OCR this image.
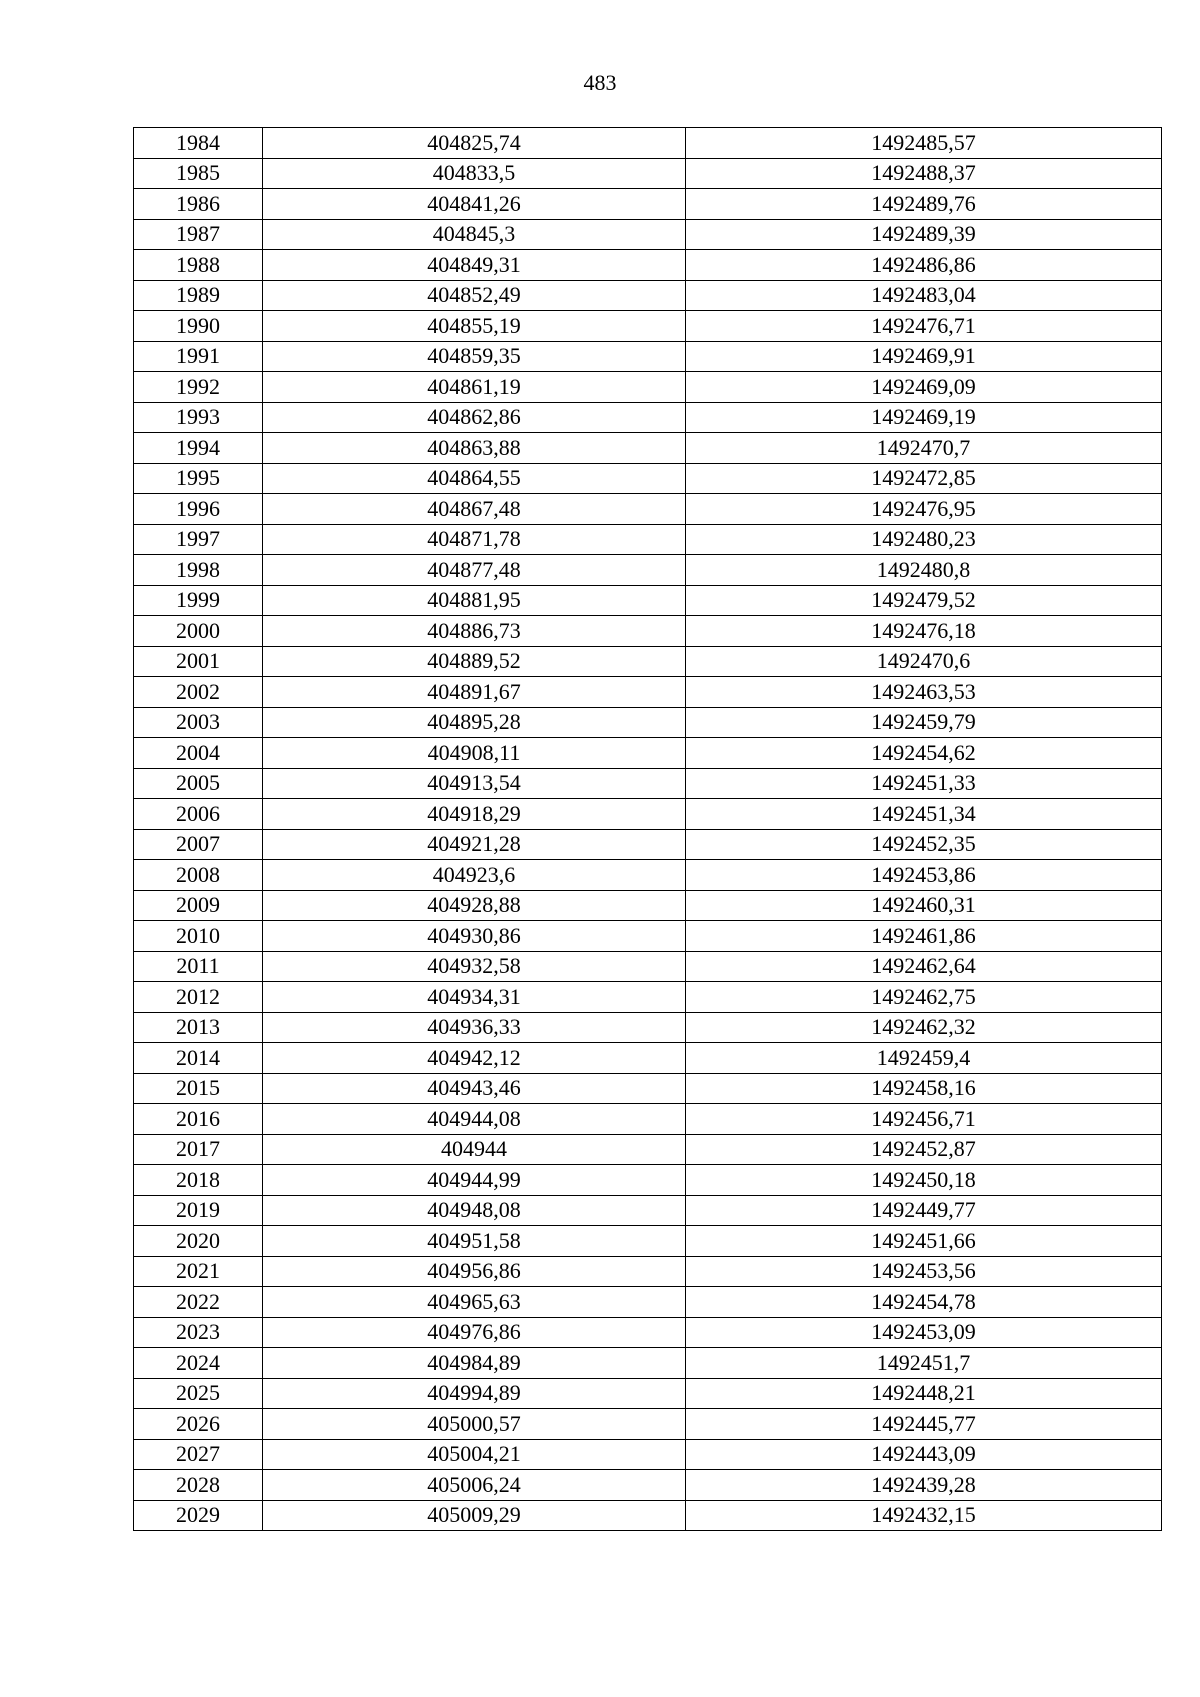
483
1984	404825,74	1492485,57
1985	404833,5	1492488,37
1986	404841,26	1492489,76
1987	404845,3	1492489,39
1988	404849,31	1492486,86
1989	404852,49	1492483,04
1990	404855,19	1492476,71
1991	404859,35	1492469,91
1992	404861,19	1492469,09
1993	404862,86	1492469,19
1994	404863,88	1492470,7
1995	404864,55	1492472,85
1996	404867,48	1492476,95
1997	404871,78	1492480,23
1998	404877,48	1492480,8
1999	404881,95	1492479,52
2000	404886,73	1492476,18
2001	404889,52	1492470,6
2002	404891,67	1492463,53
2003	404895,28	1492459,79
2004	404908,11	1492454,62
2005	404913,54	1492451,33
2006	404918,29	1492451,34
2007	404921,28	1492452,35
2008	404923,6	1492453,86
2009	404928,88	1492460,31
2010	404930,86	1492461,86
2011	404932,58	1492462,64
2012	404934,31	1492462,75
2013	404936,33	1492462,32
2014	404942,12	1492459,4
2015	404943,46	1492458,16
2016	404944,08	1492456,71
2017	404944	1492452,87
2018	404944,99	1492450,18
2019	404948,08	1492449,77
2020	404951,58	1492451,66
2021	404956,86	1492453,56
2022	404965,63	1492454,78
2023	404976,86	1492453,09
2024	404984,89	1492451,7
2025	404994,89	1492448,21
2026	405000,57	1492445,77
2027	405004,21	1492443,09
2028	405006,24	1492439,28
2029	405009,29	1492432,15
